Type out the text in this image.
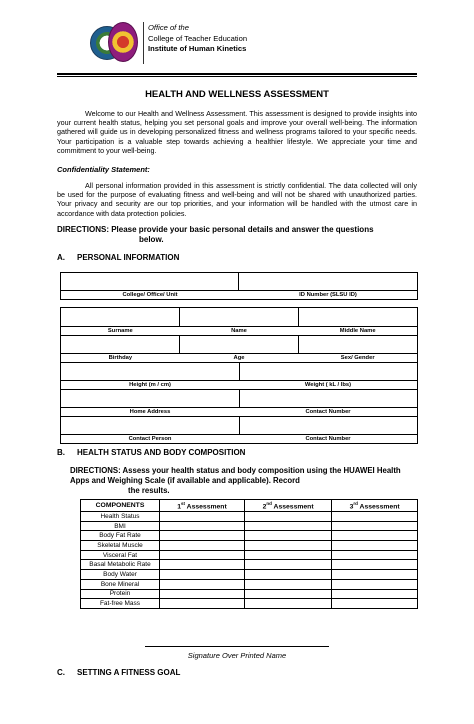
Office of the
College of Teacher Education
Institute of Human Kinetics
HEALTH AND WELLNESS ASSESSMENT
Welcome to our Health and Wellness Assessment. This assessment is designed to provide insights into your current health status, helping you set personal goals and improve your overall well-being. The information gathered will guide us in developing personalized fitness and wellness programs tailored to your specific needs. Your participation is a valuable step towards achieving a healthier lifestyle. We appreciate your time and commitment to your well-being.
Confidentiality Statement:
All personal information provided in this assessment is strictly confidential. The data collected will only be used for the purpose of evaluating fitness and well-being and will not be shared with unauthorized parties. Your privacy and security are our top priorities, and your information will be handled with the utmost care in accordance with data protection policies.
DIRECTIONS: Please provide your basic personal details and answer the questions
below.
A. PERSONAL INFORMATION
College/ Office/ Unit	ID Number (SLSU ID)
Surname	Name	Middle Name
Birthday	Age	Sex/ Gender
Height (m / cm)	Weight ( kL / lbs)
Home Address	Contact Number
Contact Person	Contact Number
B. HEALTH STATUS AND BODY COMPOSITION
DIRECTIONS: Assess your health status and body composition using the HUAWEI Health Apps and Weighing Scale (if available and applicable). Record
the results.
COMPONENTS	1st Assessment	2nd Assessment	3rd Assessment
Health Status			
BMI			
Body Fat Rate			
Skeletal Muscle			
Visceral Fat			
Basal Metabolic Rate			
Body Water			
Bone Mineral			
Protein			
Fat-free Mass			
Signature Over Printed Name
C. SETTING A FITNESS GOAL
